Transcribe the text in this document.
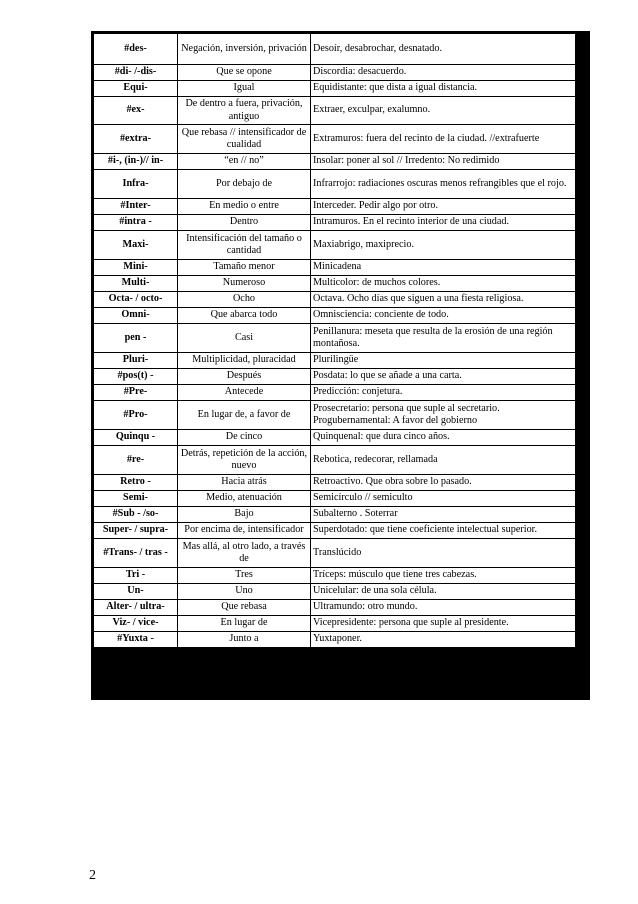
#des-	Negación, inversión, privación	Desoír, desabrochar, desnatado.
#di- /-dis-	Que se opone	Discordia: desacuerdo.
Equi-	Igual	Equidistante: que dista a igual distancia.
#ex-	De dentro a fuera, privación, antiguo	Extraer, exculpar, exalumno.
#extra-	Que rebasa // intensificador de cualidad	Extramuros: fuera del recinto de la ciudad. //extrafuerte
#i-, (in-)// in-	“en // no”	Insolar: poner al sol // Irredento: No redimido
Infra-	Por debajo de	Infrarrojo: radiaciones oscuras menos refrangibles que el rojo.
#Inter-	En medio o entre	Interceder. Pedir algo por otro.
#intra -	Dentro	Intramuros. En el recinto interior de una ciudad.
Maxi-	Intensificación del tamaño o cantidad	Maxiabrigo, maxiprecio.
Mini-	Tamaño menor	Minicadena
Multi-	Numeroso	Multicolor: de muchos colores.
Octa- / octo-	Ocho	Octava. Ocho días que siguen a una fiesta religiosa.
Omni-	Que abarca todo	Omnisciencia: conciente de todo.
pen -	Casi	Penillanura: meseta que resulta de la erosión de una región montañosa.
Pluri-	Multiplicidad, pluracidad	Plurilingüe
#pos(t) -	Después	Posdata: lo que se añade a una carta.
#Pre-	Antecede	Predicción: conjetura.
#Pro-	En lugar de, a favor de	Prosecretario: persona que suple al secretario. Progubernamental: A favor del gobierno
Quinqu -	De cinco	Quinquenal: que dura cinco años.
#re-	Detrás, repetición de la acción, nuevo	Rebotica, redecorar, rellamada
Retro -	Hacia atrás	Retroactivo. Que obra sobre lo pasado.
Semi-	Medio, atenuación	Semicírculo // semiculto
#Sub - /so-	Bajo	Subalterno . Soterrar
Super- / supra-	Por encima de, intensificador	Superdotado: que tiene coeficiente intelectual superior.
#Trans- / tras -	Mas allá, al otro lado, a través de	Translúcido
Tri -	Tres	Tríceps: músculo que tiene tres cabezas.
Un-	Uno	Unicelular: de una sola célula.
Alter- / ultra-	Que rebasa	Ultramundo: otro mundo.
Viz- / vice-	En lugar de	Vicepresidente: persona que suple al presidente.
#Yuxta -	Junto a	Yuxtaponer.
2
